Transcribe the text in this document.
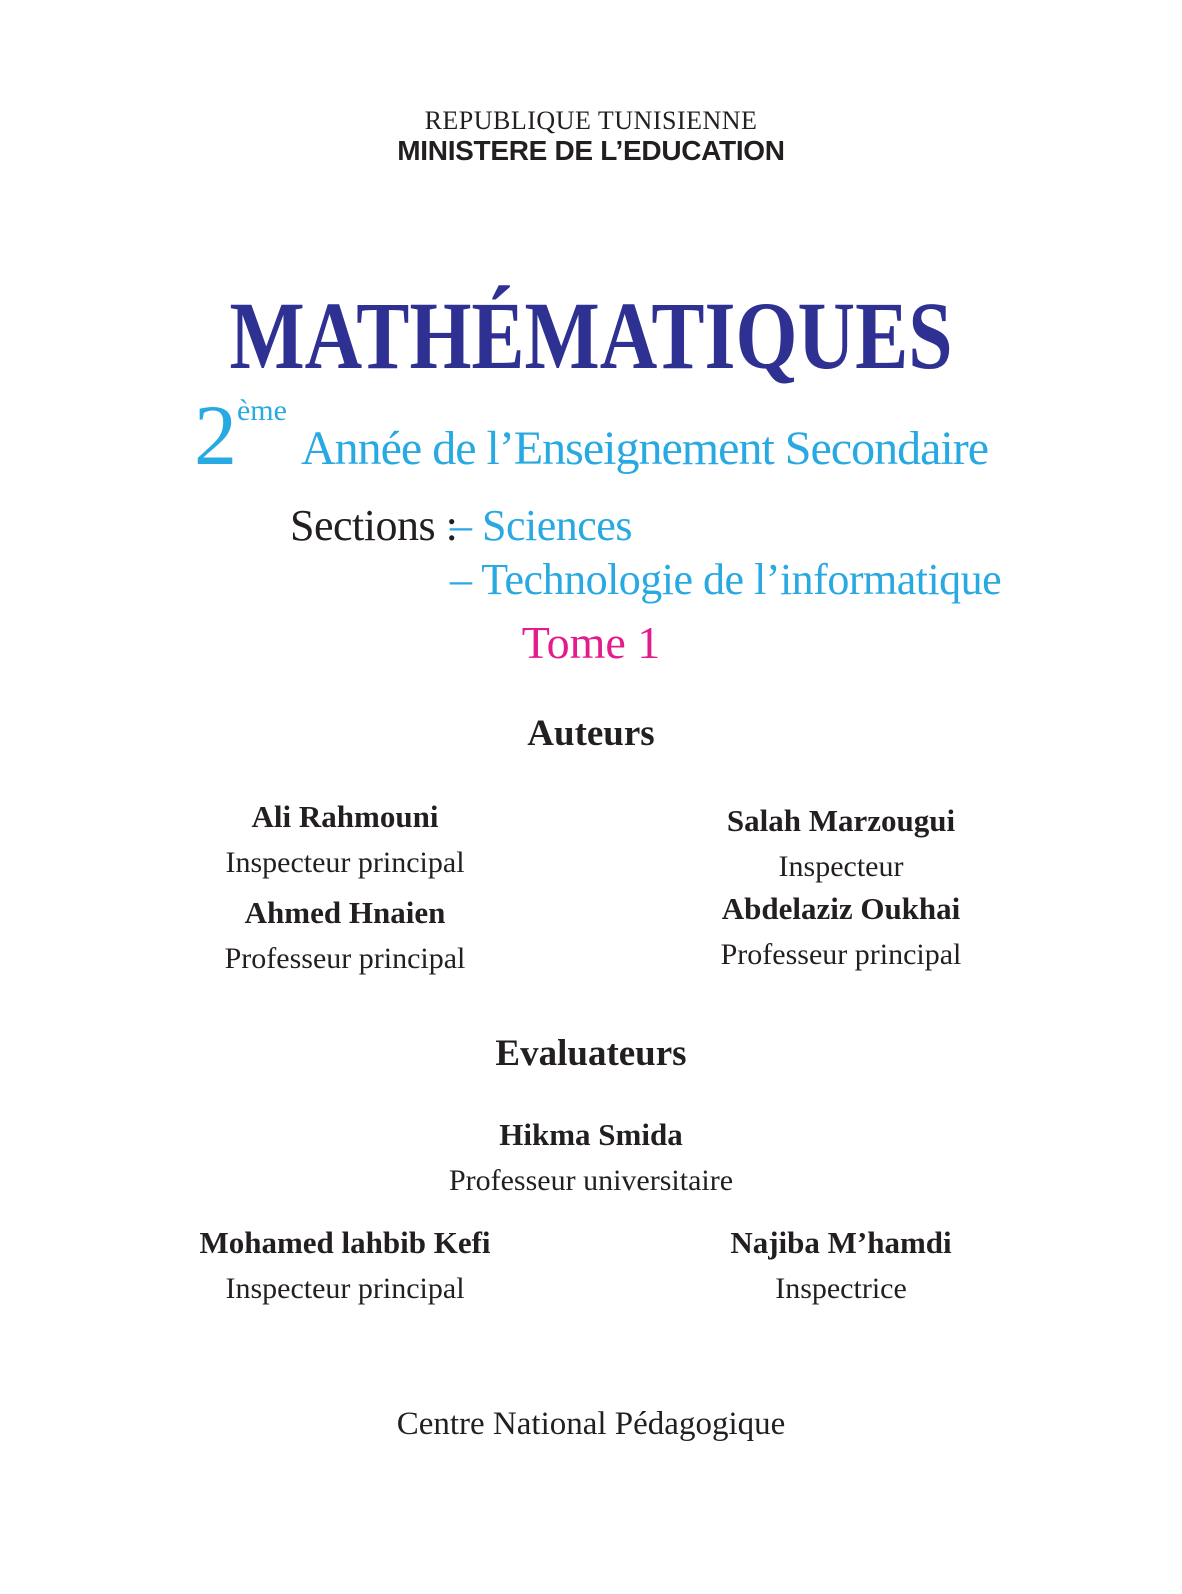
REPUBLIQUE TUNISIENNE
MINISTERE DE L’EDUCATION
MATHÉMATIQUES
2èmeAnnée de l’Enseignement Secondaire
Sections :
– Sciences
– Technologie de l’informatique
Tome 1
Auteurs
Ali Rahmouni
Inspecteur principal
Salah Marzougui
Inspecteur
Ahmed Hnaien
Professeur principal
Abdelaziz Oukhai
Professeur principal
Evaluateurs
Hikma Smida
Professeur universitaire
Mohamed lahbib Kefi
Inspecteur principal
Najiba M’hamdi
Inspectrice
Centre National Pédagogique
